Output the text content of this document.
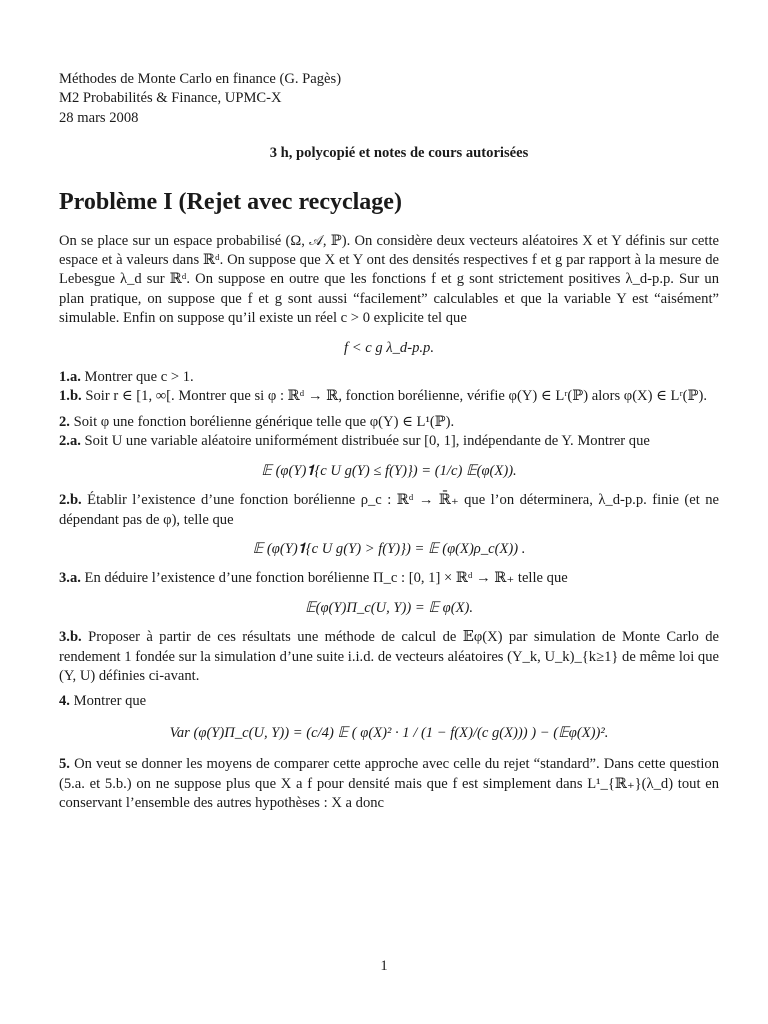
Méthodes de Monte Carlo en finance (G. Pagès)

M2 Probabilités & Finance, UPMC-X

28 mars 2008

3 h, polycopié et notes de cours autorisées

Problème I (Rejet avec recyclage)

On se place sur un espace probabilisé (Ω, 𝒜, ℙ). On considère deux vecteurs aléatoires X et Y définis sur cette espace et à valeurs dans ℝᵈ. On suppose que X et Y ont des densités respectives f et g par rapport à la mesure de Lebesgue λ_d sur ℝᵈ. On suppose en outre que les fonctions f et g sont strictement positives λ_d-p.p. Sur un plan pratique, on suppose que f et g sont aussi “facilement” calculables et que la variable Y est “aisément” simulable. Enfin on suppose qu’il existe un réel c > 0 explicite tel que

f < c g λ_d-p.p.

1.a. Montrer que c > 1.

1.b. Soir r ∈ [1, ∞[. Montrer que si φ : ℝᵈ → ℝ, fonction borélienne, vérifie φ(Y) ∈ Lʳ(ℙ) alors φ(X) ∈ Lʳ(ℙ).

2. Soit φ une fonction borélienne générique telle que φ(Y) ∈ L¹(ℙ).

2.a. Soit U une variable aléatoire uniformément distribuée sur [0, 1], indépendante de Y. Montrer que

𝔼 (φ(Y)𝟏{c U g(Y) ≤ f(Y)}) = (1/c) 𝔼(φ(X)).

2.b. Établir l’existence d’une fonction borélienne ρ_c : ℝᵈ → ℝ̄₊ que l’on déterminera, λ_d-p.p. finie (et ne dépendant pas de φ), telle que

𝔼 (φ(Y)𝟏{c U g(Y) > f(Y)}) = 𝔼 (φ(X)ρ_c(X)) .

3.a. En déduire l’existence d’une fonction borélienne Π_c : [0, 1] × ℝᵈ → ℝ₊ telle que

𝔼(φ(Y)Π_c(U, Y)) = 𝔼 φ(X).

3.b. Proposer à partir de ces résultats une méthode de calcul de 𝔼φ(X) par simulation de Monte Carlo de rendement 1 fondée sur la simulation d’une suite i.i.d. de vecteurs aléatoires (Y_k, U_k)_{k≥1} de même loi que (Y, U) définies ci-avant.

4. Montrer que

Var (φ(Y)Π_c(U, Y)) = (c/4) 𝔼 ( φ(X)² · 1 / (1 − f(X)/(c g(X))) ) − (𝔼φ(X))².

5. On veut se donner les moyens de comparer cette approche avec celle du rejet “standard”. Dans cette question (5.a. et 5.b.) on ne suppose plus que X a f pour densité mais que f est simplement dans L¹_{ℝ₊}(λ_d) tout en conservant l’ensemble des autres hypothèses : X a donc

1
